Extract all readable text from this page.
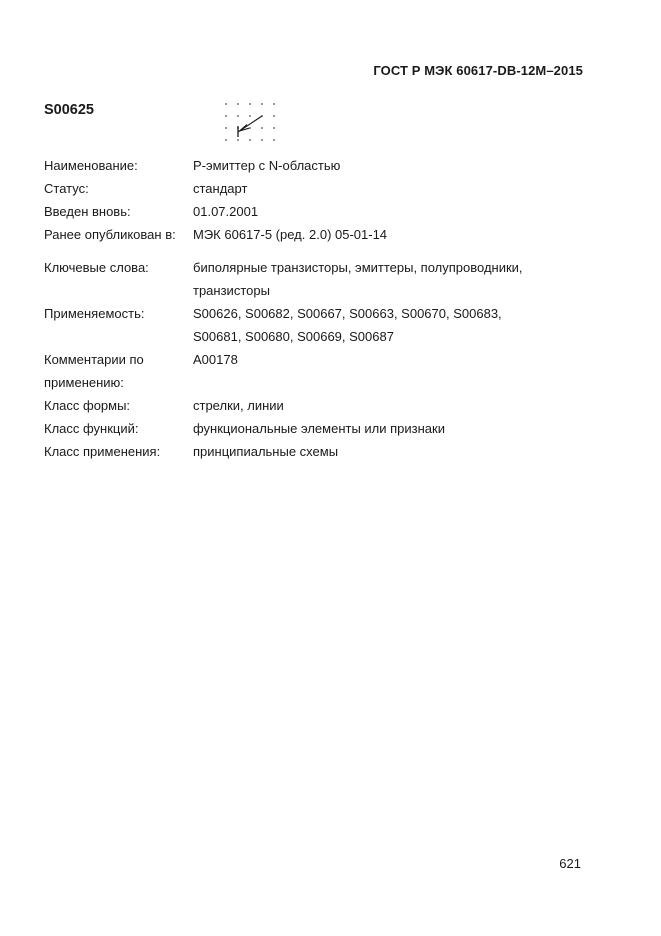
ГОСТ Р МЭК 60617-DB-12M–2015
S00625
Наименование:	Р-эмиттер с N-областью
Статус:	стандарт
Введен вновь:	01.07.2001
Ранее опубликован в:	МЭК 60617-5 (ред. 2.0) 05-01-14
Ключевые слова:	биполярные транзисторы, эмиттеры, полупроводники,
транзисторы
Применяемость:	S00626, S00682, S00667, S00663, S00670, S00683,
S00681, S00680, S00669, S00687
Комментарии по
применению:
A00178
Класс формы:	стрелки, линии
Класс функций:	функциональные элементы или признаки
Класс применения:	принципиальные схемы
621
